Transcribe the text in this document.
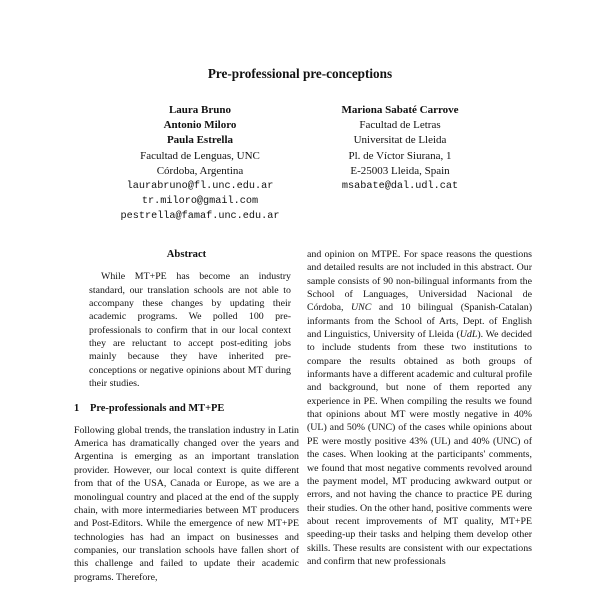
Pre-professional pre-conceptions
Laura Bruno
Antonio Miloro
Paula Estrella
Facultad de Lenguas, UNC
Córdoba, Argentina
laurabruno@fl.unc.edu.ar
tr.miloro@gmail.com
pestrella@famaf.unc.edu.ar
Mariona Sabaté Carrove
Facultad de Letras
Universitat de Lleida
Pl. de Víctor Siurana, 1
E-25003 Lleida, Spain
msabate@dal.udl.cat
Abstract

While MT+PE has become an industry standard, our translation schools are not able to accompany these changes by updating their academic programs. We polled 100 pre-professionals to confirm that in our local context they are reluctant to accept post-editing jobs mainly because they have inherited pre-conceptions or negative opinions about MT during their studies.

1 Pre-professionals and MT+PE

Following global trends, the translation industry in Latin America has dramatically changed over the years and Argentina is emerging as an important translation provider. However, our local context is quite different from that of the USA, Canada or Europe, as we are a monolingual country and placed at the end of the supply chain, with more intermediaries between MT producers and Post-Editors. While the emergence of new MT+PE technologies has had an impact on businesses and companies, our translation schools have fallen short of this challenge and failed to update their academic programs. Therefore,

and opinion on MTPE. For space reasons the questions and detailed results are not included in this abstract. Our sample consists of 90 non-bilingual informants from the School of Languages, Universidad Nacional de Córdoba, UNC and 10 bilingual (Spanish-Catalan) informants from the School of Arts, Dept. of English and Linguistics, University of Lleida (UdL). We decided to include students from these two institutions to compare the results obtained as both groups of informants have a different academic and cultural profile and background, but none of them reported any experience in PE. When compiling the results we found that opinions about MT were mostly negative in 40% (UL) and 50% (UNC) of the cases while opinions about PE were mostly positive 43% (UL) and 40% (UNC) of the cases. When looking at the participants' comments, we found that most negative comments revolved around the payment model, MT producing awkward output or errors, and not having the chance to practice PE during their studies. On the other hand, positive comments were about recent improvements of MT quality, MT+PE speeding-up their tasks and helping them develop other skills. These results are consistent with our expectations and confirm that new professionals
